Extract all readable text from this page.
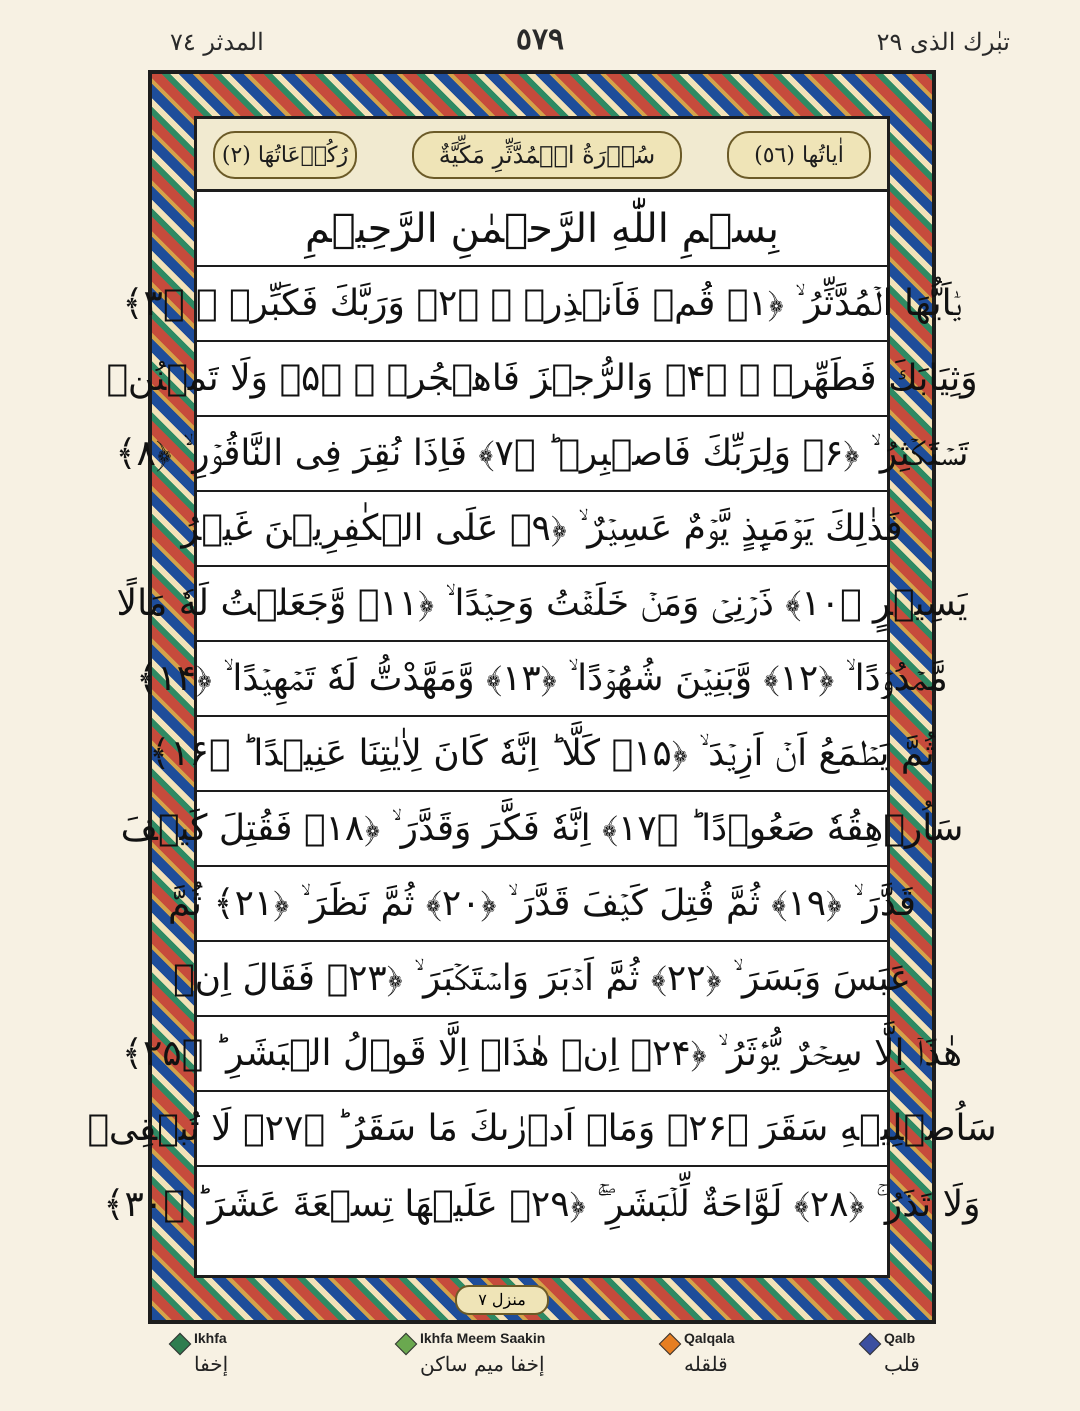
تبٰرك الذی ٢٩
٥٧٩
المدثر ٧٤
اٰیاتُها (٥٦)
سُوۡرَةُ الۡمُدَّثِّرِ مَكِّيَّةٌ
رُكُوۡعَاتُهَا (٢)
بِسۡمِ اللّٰهِ الرَّحۡمٰنِ الرَّحِيۡمِ
يٰۤاَيُّهَا الۡمُدَّثِّرُ ۙ ﴿۱﴾ قُمۡ فَاَنۡذِرۡ ۙ ﴿۲﴾ وَرَبَّكَ فَكَبِّرۡ ۙ ﴿۳﴾
وَثِيَابَكَ فَطَهِّرۡ ۙ ﴿۴﴾ وَالرُّجۡزَ فَاهۡجُرۡ ۙ ﴿۵﴾ وَلَا تَمۡنُنۡ
تَسۡتَكۡثِرُ ۙ ﴿۶﴾ وَلِرَبِّكَ فَاصۡبِرۡ ؕ ﴿۷﴾ فَاِذَا نُقِرَ فِى النَّاقُوۡرِ ۙ ﴿۸﴾
فَذٰلِكَ يَوۡمَٮِٕذٍ يَّوۡمٌ عَسِيۡرٌ ۙ ﴿۹﴾ عَلَى الۡكٰفِرِيۡنَ غَيۡرُ
يَسِيۡرٍ ﴿۱۰﴾ ذَرۡنِىۡ وَمَنۡ خَلَقۡتُ وَحِيۡدًا ۙ ﴿۱۱﴾ وَّجَعَلۡتُ لَهٗ مَالًا
مَّمۡدُوۡدًا ۙ ﴿۱۲﴾ وَّبَنِيۡنَ شُهُوۡدًا ۙ ﴿۱۳﴾ وَّمَهَّدْتُّ لَهٗ تَمۡهِيۡدًا ۙ ﴿۱۴﴾
ثُمَّ يَطۡمَعُ اَنۡ اَزِيۡدَ ۙ ﴿۱۵﴾ كَلَّا ؕ اِنَّهٗ كَانَ لِاٰيٰتِنَا عَنِيۡدًا ؕ ﴿۱۶﴾
سَاُرۡهِقُهٗ صَعُوۡدًا ؕ ﴿۱۷﴾ اِنَّهٗ فَكَّرَ وَقَدَّرَ ۙ ﴿۱۸﴾ فَقُتِلَ كَيۡفَ
قَدَّرَ ۙ ﴿۱۹﴾ ثُمَّ قُتِلَ كَيۡفَ قَدَّرَ ۙ ﴿۲۰﴾ ثُمَّ نَظَرَ ۙ ﴿۲۱﴾ ثُمَّ
عَبَسَ وَبَسَرَ ۙ ﴿۲۲﴾ ثُمَّ اَدۡبَرَ وَاسۡتَكۡبَرَ ۙ ﴿۲۳﴾ فَقَالَ اِنۡ
هٰذَاۤ اِلَّا سِحۡرٌ يُّؤۡثَرُ ۙ ﴿۲۴﴾ اِنۡ هٰذَاۤ اِلَّا قَوۡلُ الۡبَشَرِ ؕ ﴿۲۵﴾
سَاُصۡلِيۡهِ سَقَرَ ﴿۲۶﴾ وَمَاۤ اَدۡرٰٮكَ مَا سَقَرُ ؕ ﴿۲۷﴾ لَا تُبۡقِىۡ
وَلَا تَذَرُ ۚ ﴿۲۸﴾ لَوَّاحَةٌ لِّلۡبَشَرِ ۖۚ ﴿۲۹﴾ عَلَيۡهَا تِسۡعَةَ عَشَرَ ؕ ﴿۳۰﴾
منزل ٧
Ikhfa
إخفا
Ikhfa Meem Saakin
إخفا میم ساکن
Qalqala
قلقله
Qalb
قلب
